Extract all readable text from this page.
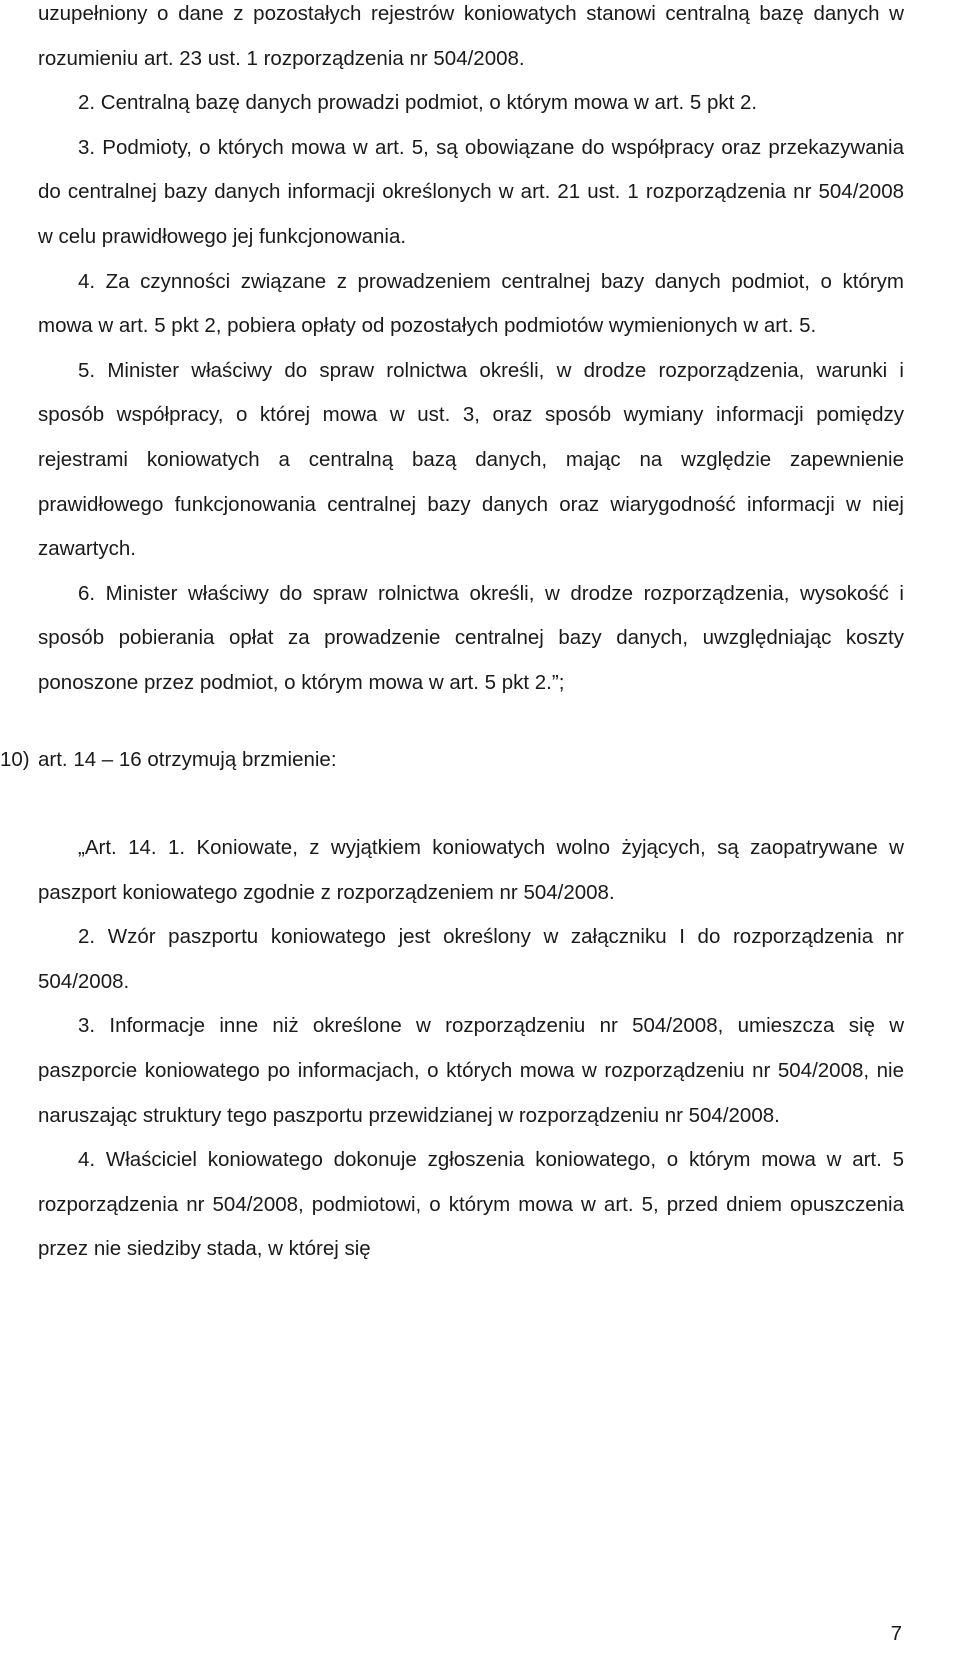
uzupełniony o dane z pozostałych rejestrów koniowatych stanowi centralną bazę danych w rozumieniu art. 23 ust. 1 rozporządzenia nr 504/2008.

2. Centralną bazę danych prowadzi podmiot, o którym mowa w art. 5 pkt 2.

3. Podmioty, o których mowa w art. 5, są obowiązane do współpracy oraz przekazywania do centralnej bazy danych informacji określonych w art. 21 ust. 1 rozporządzenia nr 504/2008 w celu prawidłowego jej funkcjonowania.

4. Za czynności związane z prowadzeniem centralnej bazy danych podmiot, o którym mowa w art. 5 pkt 2, pobiera opłaty od pozostałych podmiotów wymienionych w art. 5.

5. Minister właściwy do spraw rolnictwa określi, w drodze rozporządzenia, warunki i sposób współpracy, o której mowa w ust. 3, oraz sposób wymiany informacji pomiędzy rejestrami koniowatych a centralną bazą danych, mając na względzie zapewnienie prawidłowego funkcjonowania centralnej bazy danych oraz wiarygodność informacji w niej zawartych.

6. Minister właściwy do spraw rolnictwa określi, w drodze rozporządzenia, wysokość i sposób pobierania opłat za prowadzenie centralnej bazy danych, uwzględniając koszty ponoszone przez podmiot, o którym mowa w art. 5 pkt 2.”;

10) art. 14 – 16 otrzymują brzmienie:

„Art. 14. 1. Koniowate, z wyjątkiem koniowatych wolno żyjących, są zaopatrywane w paszport koniowatego zgodnie z rozporządzeniem nr 504/2008.

2. Wzór paszportu koniowatego jest określony w załączniku I do rozporządzenia nr 504/2008.

3. Informacje inne niż określone w rozporządzeniu nr 504/2008, umieszcza się w paszporcie koniowatego po informacjach, o których mowa w rozporządzeniu nr 504/2008, nie naruszając struktury tego paszportu przewidzianej w rozporządzeniu nr 504/2008.

4. Właściciel koniowatego dokonuje zgłoszenia koniowatego, o którym mowa w art. 5 rozporządzenia nr 504/2008, podmiotowi, o którym mowa w art. 5, przed dniem opuszczenia przez nie siedziby stada, w której się

7
